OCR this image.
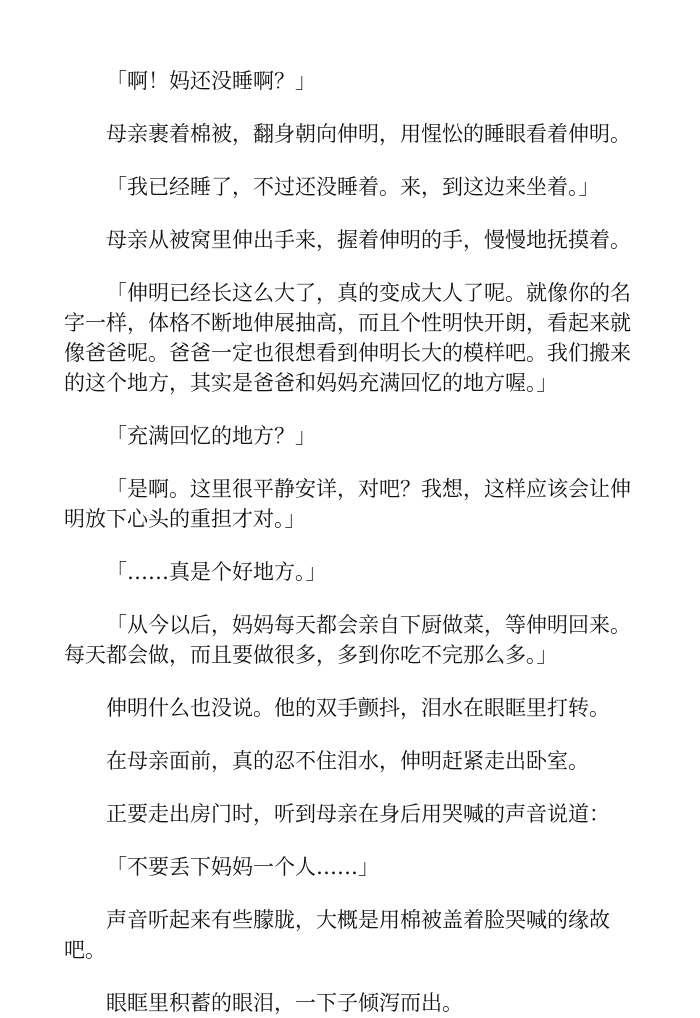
「啊！妈还没睡啊？」

母亲裹着棉被，翻身朝向伸明，用惺忪的睡眼看着伸明。

「我已经睡了，不过还没睡着。来，到这边来坐着。」

母亲从被窝里伸出手来，握着伸明的手，慢慢地抚摸着。

「伸明已经长这么大了，真的变成大人了呢。就像你的名字一样，体格不断地伸展抽高，而且个性明快开朗，看起来就像爸爸呢。爸爸一定也很想看到伸明长大的模样吧。我们搬来的这个地方，其实是爸爸和妈妈充满回忆的地方喔。」

「充满回忆的地方？」

「是啊。这里很平静安详，对吧？我想，这样应该会让伸明放下心头的重担才对。」

「……真是个好地方。」

「从今以后，妈妈每天都会亲自下厨做菜，等伸明回来。每天都会做，而且要做很多，多到你吃不完那么多。」

伸明什么也没说。他的双手颤抖，泪水在眼眶里打转。

在母亲面前，真的忍不住泪水，伸明赶紧走出卧室。

正要走出房门时，听到母亲在身后用哭喊的声音说道：

「不要丢下妈妈一个人……」

声音听起来有些朦胧，大概是用棉被盖着脸哭喊的缘故吧。

眼眶里积蓄的眼泪，一下子倾泻而出。
